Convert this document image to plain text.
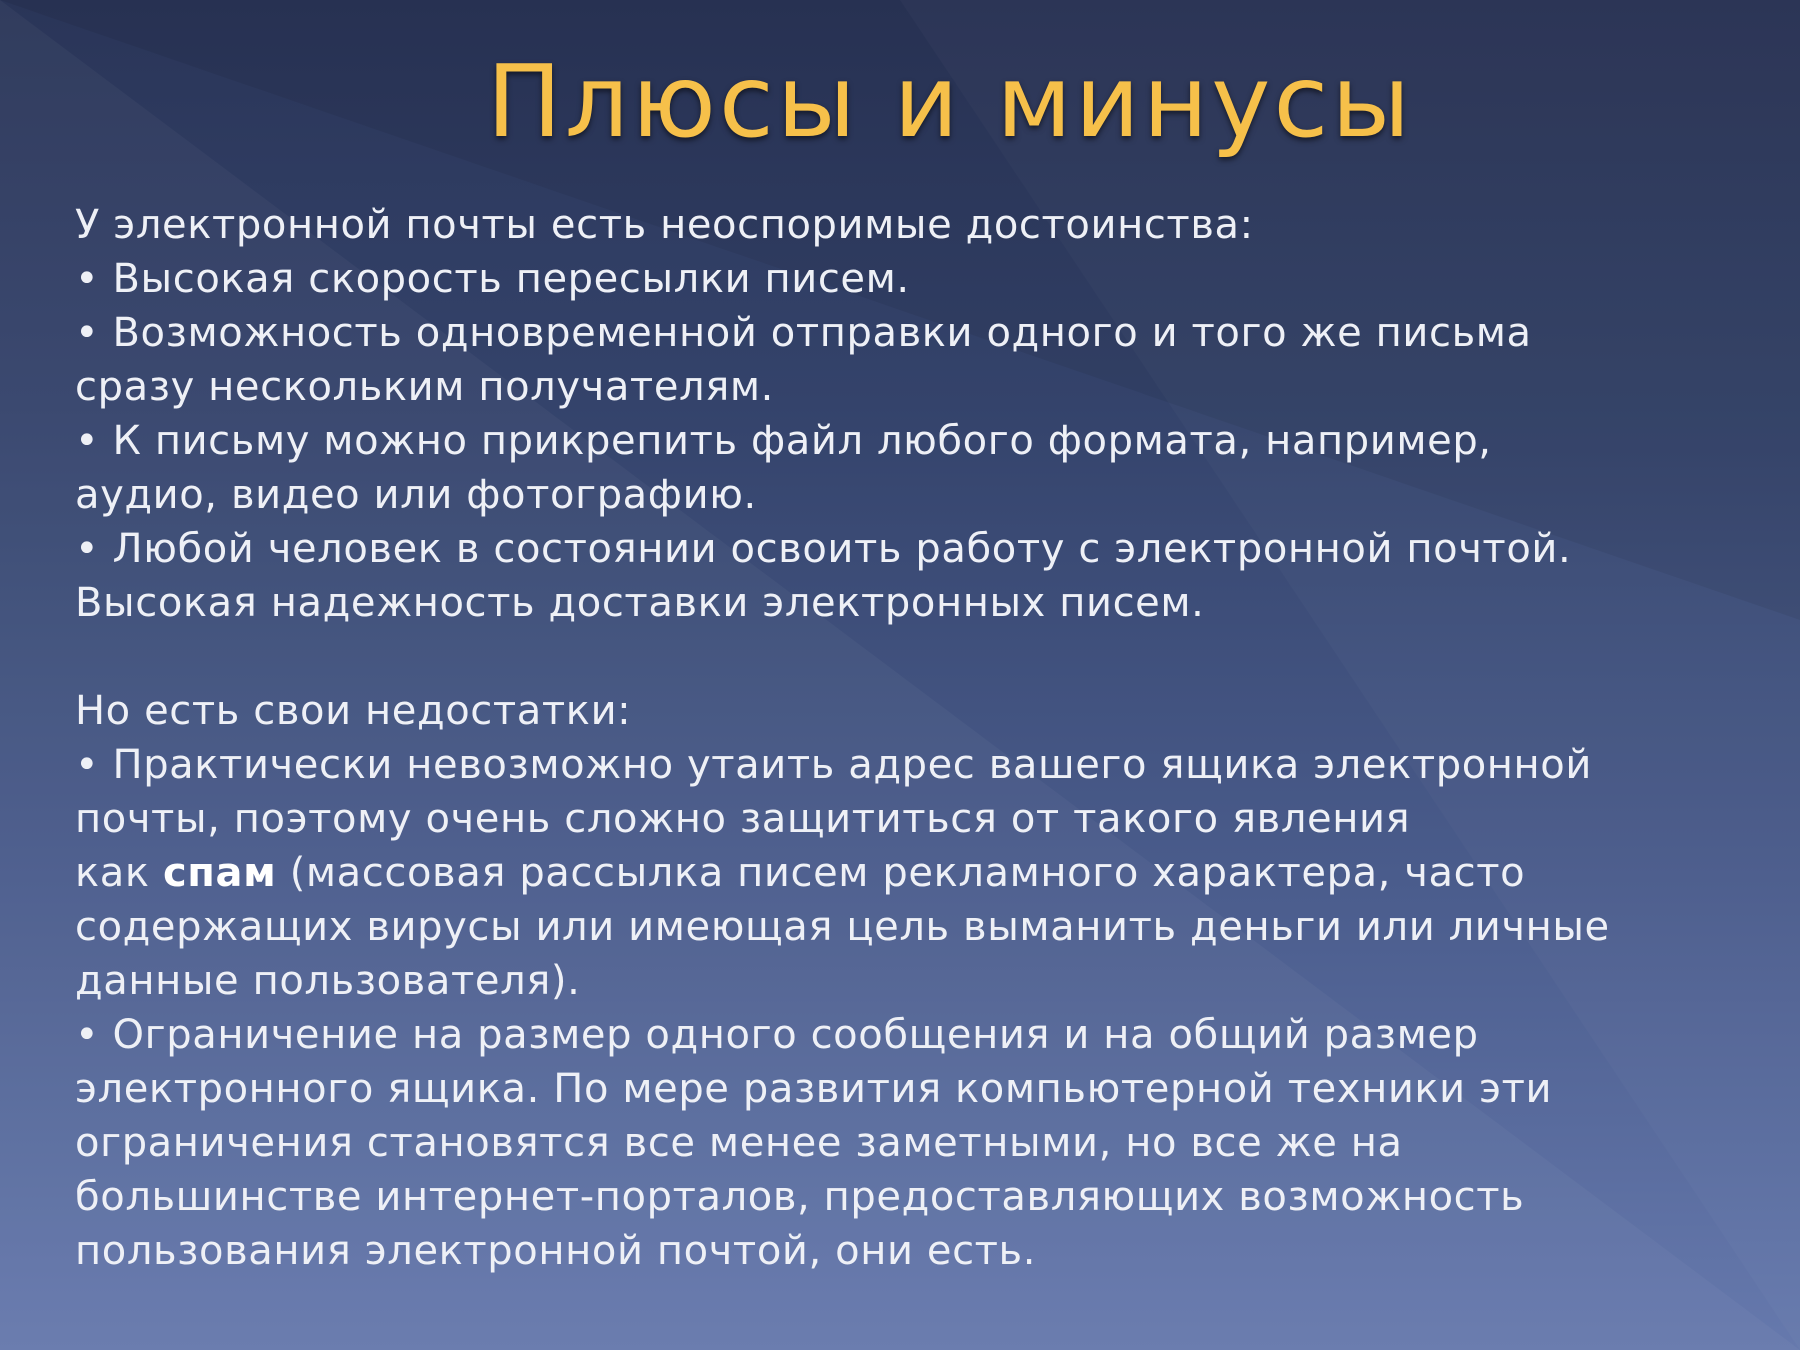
Плюсы и минусы

У электронной почты есть неоспоримые достоинства:

• Высокая скорость пересылки писем.

• Возможность одновременной отправки одного и того же письма
сразу нескольким получателям.

• К письму можно прикрепить файл любого формата, например,
аудио, видео или фотографию.

• Любой человек в состоянии освоить работу с электронной почтой.

Высокая надежность доставки электронных писем.

Но есть свои недостатки:

• Практически невозможно утаить адрес вашего ящика электронной
почты, поэтому очень сложно защититься от такого явления
как спам (массовая рассылка писем рекламного характера, часто
содержащих вирусы или имеющая цель выманить деньги или личные
данные пользователя).

• Ограничение на размер одного сообщения и на общий размер
электронного ящика. По мере развития компьютерной техники эти
ограничения становятся все менее заметными, но все же на
большинстве интернет-порталов, предоставляющих возможность
пользования электронной почтой, они есть.
